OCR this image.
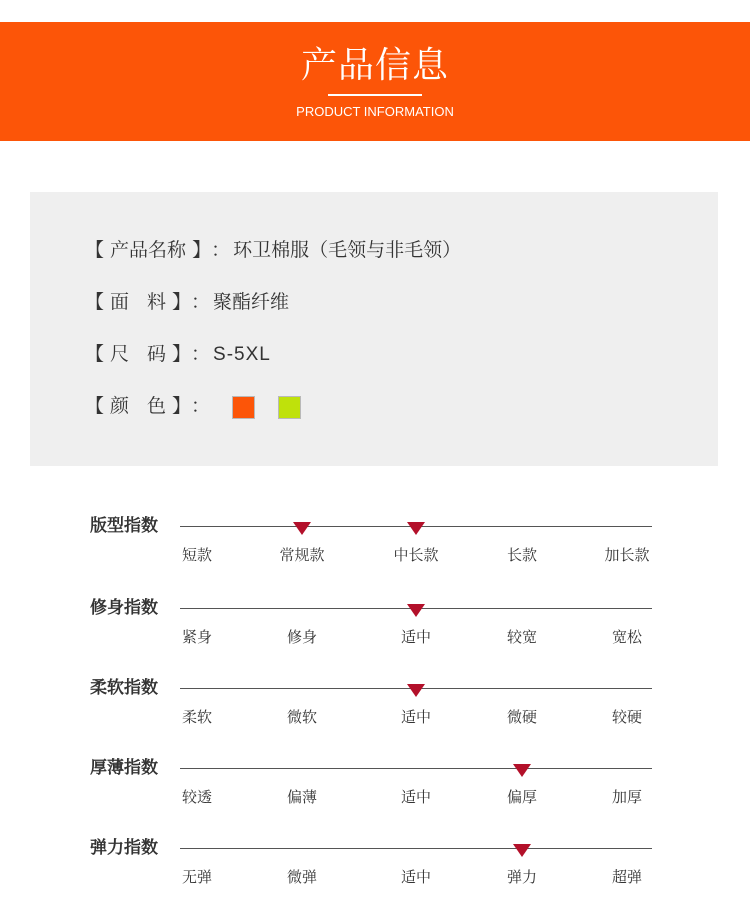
产品信息
PRODUCT INFORMATION
【 产品名称 】： 环卫棉服（毛领与非毛领）
【 面 料 】： 聚酯纤维
【 尺 码 】： S-5XL
【 颜 色 】：
版型指数
短款	常规款	中长款	长款	加长款
修身指数
紧身	修身	适中	较宽	宽松
柔软指数
柔软	微软	适中	微硬	较硬
厚薄指数
较透	偏薄	适中	偏厚	加厚
弹力指数
无弹	微弹	适中	弹力	超弹
